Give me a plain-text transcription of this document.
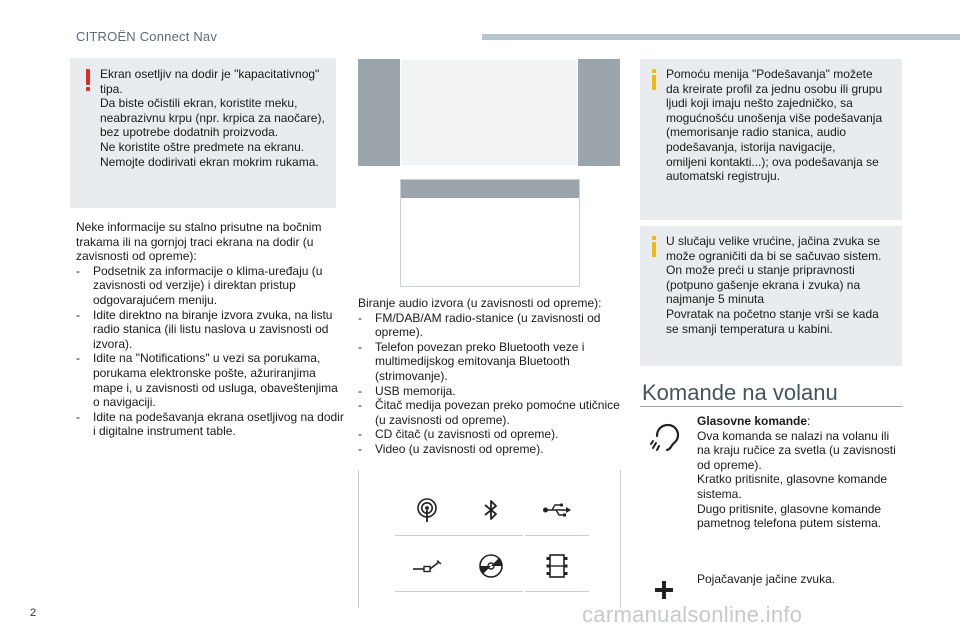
CITROËN Connect Nav
Ekran osetljiv na dodir je "kapacitativnog"
tipa.
Da biste očistili ekran, koristite meku,
neabrazivnu krpu (npr. krpica za naočare),
bez upotrebe dodatnih proizvoda.
Ne koristite oštre predmete na ekranu.
Nemojte dodirivati ekran mokrim rukama.
Neke informacije su stalno prisutne na bočnim
trakama ili na gornjoj traci ekrana na dodir (u
zavisnosti od opreme):
- Podsetnik za informacije o klima-uređaju (u zavisnosti od verzije) i direktan pristup odgovarajućem meniju.
- Idite direktno na biranje izvora zvuka, na listu radio stanica (ili listu naslova u zavisnosti od izvora).
- Idite na "Notifications" u vezi sa porukama, porukama elektronske pošte, ažuriranjima mape i, u zavisnosti od usluga, obaveštenjima o navigaciji.
- Idite na podešavanja ekrana osetljivog na dodir i digitalne instrument table.
Biranje audio izvora (u zavisnosti od opreme):
- FM/DAB/AM radio-stanice (u zavisnosti od opreme).
- Telefon povezan preko Bluetooth veze i multimedijskog emitovanja Bluetooth (strimovanje).
- USB memorija.
- Čitač medija povezan preko pomoćne utičnice (u zavisnosti od opreme).
- CD čitač (u zavisnosti od opreme).
- Video (u zavisnosti od opreme).
Pomoću menija "Podešavanja" možete
da kreirate profil za jednu osobu ili grupu
ljudi koji imaju nešto zajedničko, sa
mogućnošću unošenja više podešavanja
(memorisanje radio stanica, audio
podešavanja, istorija navigacije,
omiljeni kontakti...); ova podešavanja se
automatski registruju.
U slučaju velike vrućine, jačina zvuka se
može ograničiti da bi se sačuvao sistem.
On može preći u stanje pripravnosti
(potpuno gašenje ekrana i zvuka) na
najmanje 5 minuta
Povratak na početno stanje vrši se kada
se smanji temperatura u kabini.
Komande na volanu
Glasovne komande:
Ova komanda se nalazi na volanu ili
na kraju ručice za svetla (u zavisnosti
od opreme).
Kratko pritisnite, glasovne komande
sistema.
Dugo pritisnite, glasovne komande
pametnog telefona putem sistema.
Pojačavanje jačine zvuka.
2	carmanualsonline.info
